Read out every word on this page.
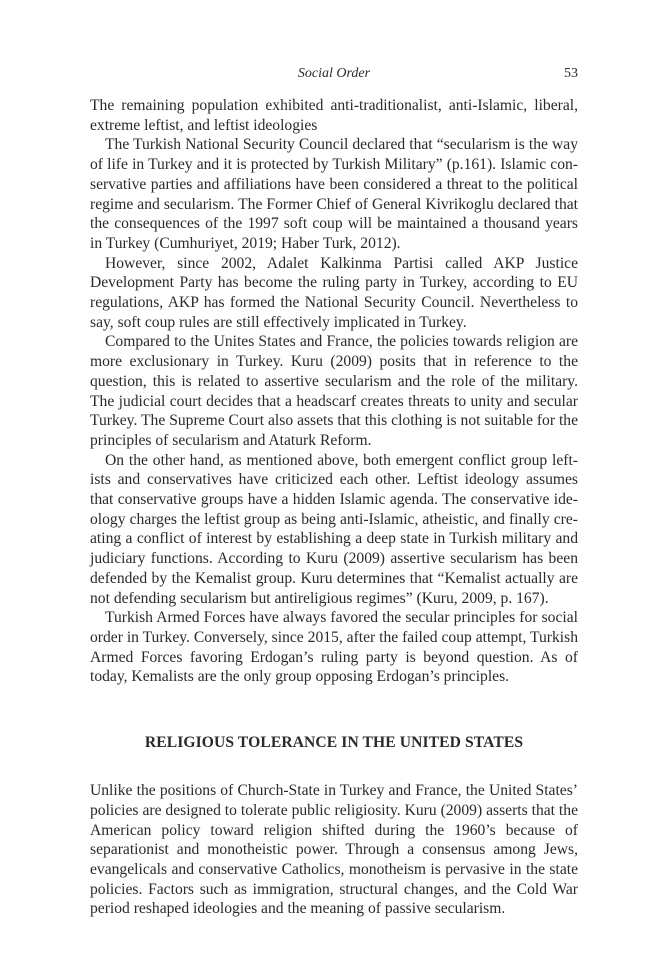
Social Order	53

The remaining population exhibited anti-traditionalist, anti-Islamic, liberal, extreme leftist, and leftist ideologies

The Turkish National Security Council declared that “secularism is the way of life in Turkey and it is protected by Turkish Military” (p.161). Islamic conservative parties and affiliations have been considered a threat to the political regime and secularism. The Former Chief of General Kivrikoglu declared that the consequences of the 1997 soft coup will be maintained a thousand years in Turkey (Cumhuriyet, 2019; Haber Turk, 2012).

However, since 2002, Adalet Kalkinma Partisi called AKP Justice Development Party has become the ruling party in Turkey, according to EU regulations, AKP has formed the National Security Council. Nevertheless to say, soft coup rules are still effectively implicated in Turkey.

Compared to the Unites States and France, the policies towards religion are more exclusionary in Turkey. Kuru (2009) posits that in reference to the question, this is related to assertive secularism and the role of the military. The judicial court decides that a headscarf creates threats to unity and secular Turkey. The Supreme Court also assets that this clothing is not suitable for the principles of secularism and Ataturk Reform.

On the other hand, as mentioned above, both emergent conflict group leftists and conservatives have criticized each other. Leftist ideology assumes that conservative groups have a hidden Islamic agenda. The conservative ideology charges the leftist group as being anti-Islamic, atheistic, and finally creating a conflict of interest by establishing a deep state in Turkish military and judiciary functions. According to Kuru (2009) assertive secularism has been defended by the Kemalist group. Kuru determines that “Kemalist actually are not defending secularism but antireligious regimes” (Kuru, 2009, p. 167).

Turkish Armed Forces have always favored the secular principles for social order in Turkey. Conversely, since 2015, after the failed coup attempt, Turkish Armed Forces favoring Erdogan’s ruling party is beyond question. As of today, Kemalists are the only group opposing Erdogan’s principles.

RELIGIOUS TOLERANCE IN THE UNITED STATES

Unlike the positions of Church-State in Turkey and France, the United States’ policies are designed to tolerate public religiosity. Kuru (2009) asserts that the American policy toward religion shifted during the 1960’s because of separationist and monotheistic power. Through a consensus among Jews, evangelicals and conservative Catholics, monotheism is pervasive in the state policies. Factors such as immigration, structural changes, and the Cold War period reshaped ideologies and the meaning of passive secularism.
